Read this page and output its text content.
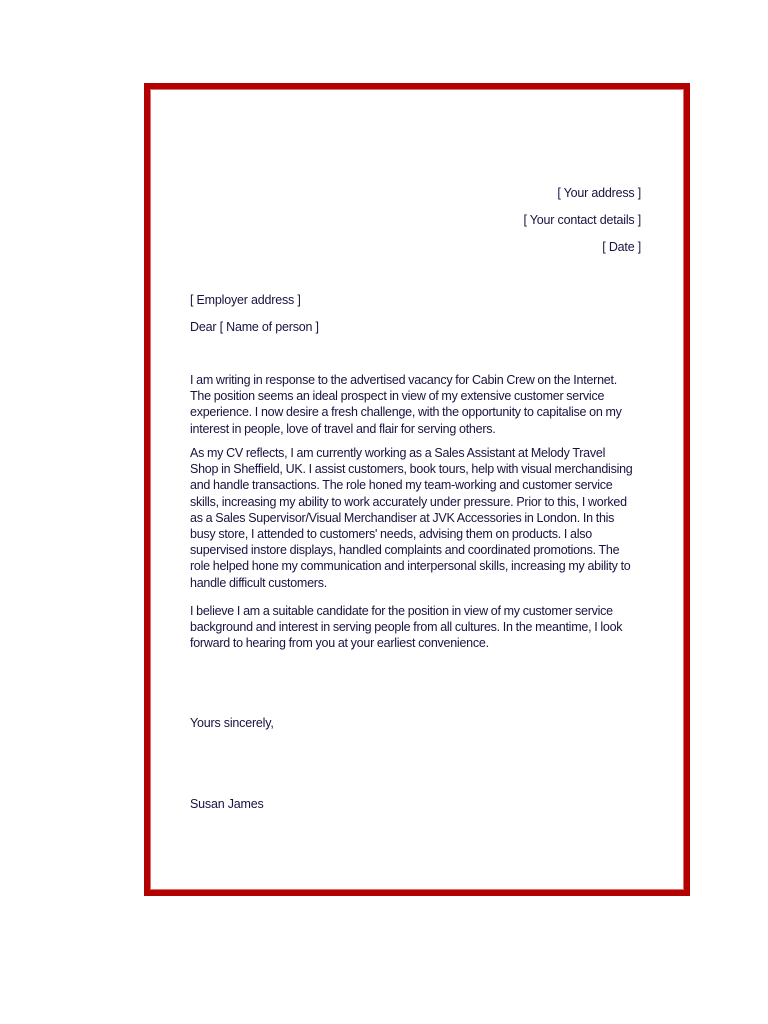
[ Your address ]
[ Your contact details ]
[ Date ]
[ Employer address ]
Dear [ Name of person ]
I am writing in response to the advertised vacancy for Cabin Crew on the Internet.
The position seems an ideal prospect in view of my extensive customer service
experience. I now desire a fresh challenge, with the opportunity to capitalise on my
interest in people, love of travel and flair for serving others.
As my CV reflects, I am currently working as a Sales Assistant at Melody Travel
Shop in Sheffield, UK. I assist customers, book tours, help with visual merchandising
and handle transactions. The role honed my team-working and customer service
skills, increasing my ability to work accurately under pressure. Prior to this, I worked
as a Sales Supervisor/Visual Merchandiser at JVK Accessories in London. In this
busy store, I attended to customers' needs, advising them on products. I also
supervised instore displays, handled complaints and coordinated promotions. The
role helped hone my communication and interpersonal skills, increasing my ability to
handle difficult customers.
I believe I am a suitable candidate for the position in view of my customer service
background and interest in serving people from all cultures. In the meantime, I look
forward to hearing from you at your earliest convenience.
Yours sincerely,
Susan James
